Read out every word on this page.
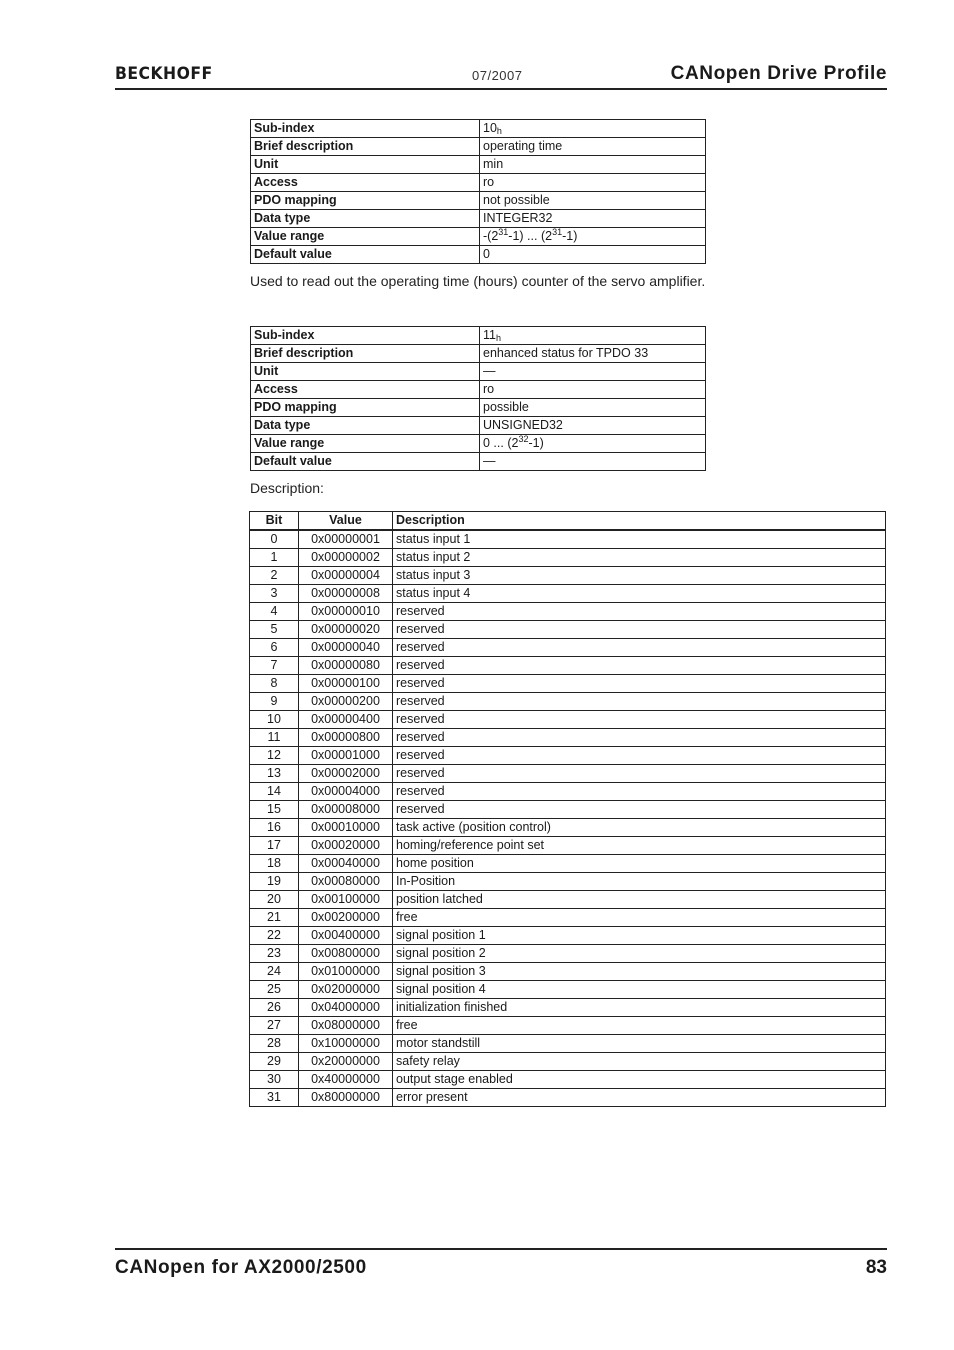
BECKHOFF	07/2007	CANopen Drive Profile
Sub-index	$10_h$
Brief description	operating time
Unit	min
Access	ro
PDO mapping	not possible
Data type	INTEGER32
Value range	$-(2^{31}-1)$ ... $(2^{31}-1)$
Default value	0
Used to read out the operating time (hours) counter of the servo amplifier.
Sub-index	$11_h$
Brief description	enhanced status for TPDO 33
Unit	—
Access	ro
PDO mapping	possible
Data type	UNSIGNED32
Value range	0 ... $(2^{32}-1)$
Default value	—
Description:
Bit	Value	Description
0	0x00000001	status input 1
1	0x00000002	status input 2
2	0x00000004	status input 3
3	0x00000008	status input 4
4	0x00000010	reserved
5	0x00000020	reserved
6	0x00000040	reserved
7	0x00000080	reserved
8	0x00000100	reserved
9	0x00000200	reserved
10	0x00000400	reserved
11	0x00000800	reserved
12	0x00001000	reserved
13	0x00002000	reserved
14	0x00004000	reserved
15	0x00008000	reserved
16	0x00010000	task active (position control)
17	0x00020000	homing/reference point set
18	0x00040000	home position
19	0x00080000	In-Position
20	0x00100000	position latched
21	0x00200000	free
22	0x00400000	signal position 1
23	0x00800000	signal position 2
24	0x01000000	signal position 3
25	0x02000000	signal position 4
26	0x04000000	initialization finished
27	0x08000000	free
28	0x10000000	motor standstill
29	0x20000000	safety relay
30	0x40000000	output stage enabled
31	0x80000000	error present
CANopen for AX2000/2500	83
